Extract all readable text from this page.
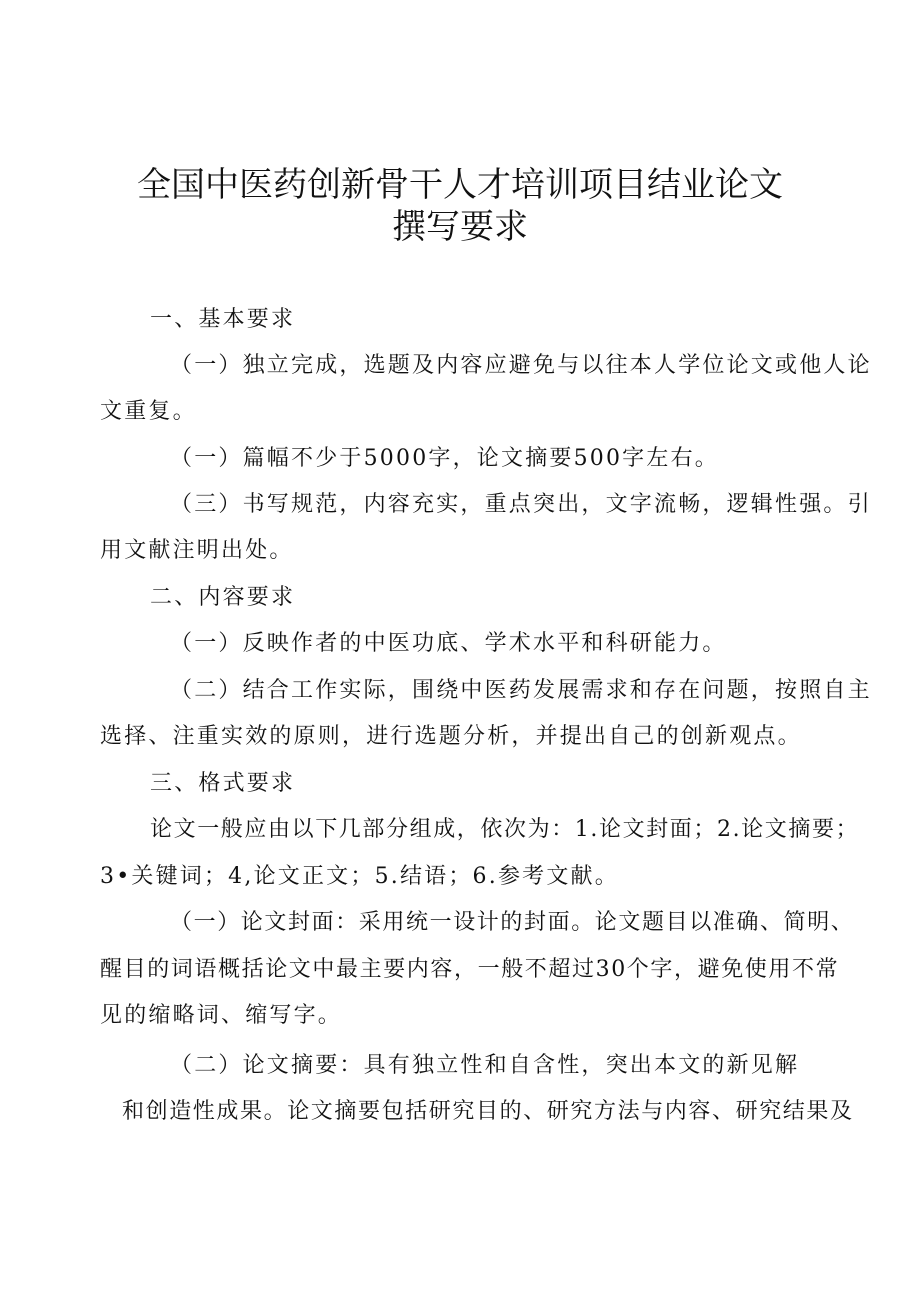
全国中医药创新骨干人才培训项目结业论文
撰写要求
一、基本要求
（一）独立完成，选题及内容应避免与以往本人学位论文或他人论
文重复。
（一）篇幅不少于5000字，论文摘要500字左右。
（三）书写规范，内容充实，重点突出，文字流畅，逻辑性强。引
用文献注明出处。
二、内容要求
（一）反映作者的中医功底、学术水平和科研能力。
（二）结合工作实际，围绕中医药发展需求和存在问题，按照自主
选择、注重实效的原则，进行选题分析，并提出自己的创新观点。
三、格式要求
论文一般应由以下几部分组成，依次为：1.论文封面；2.论文摘要；
3•关键词；4,论文正文；5.结语；6.参考文献。
（一）论文封面：采用统一设计的封面。论文题目以准确、简明、
醒目的词语概括论文中最主要内容，一般不超过30个字，避免使用不常
见的缩略词、缩写字。
（二）论文摘要：具有独立性和自含性，突出本文的新见解
和创造性成果。论文摘要包括研究目的、研究方法与内容、研究结果及
